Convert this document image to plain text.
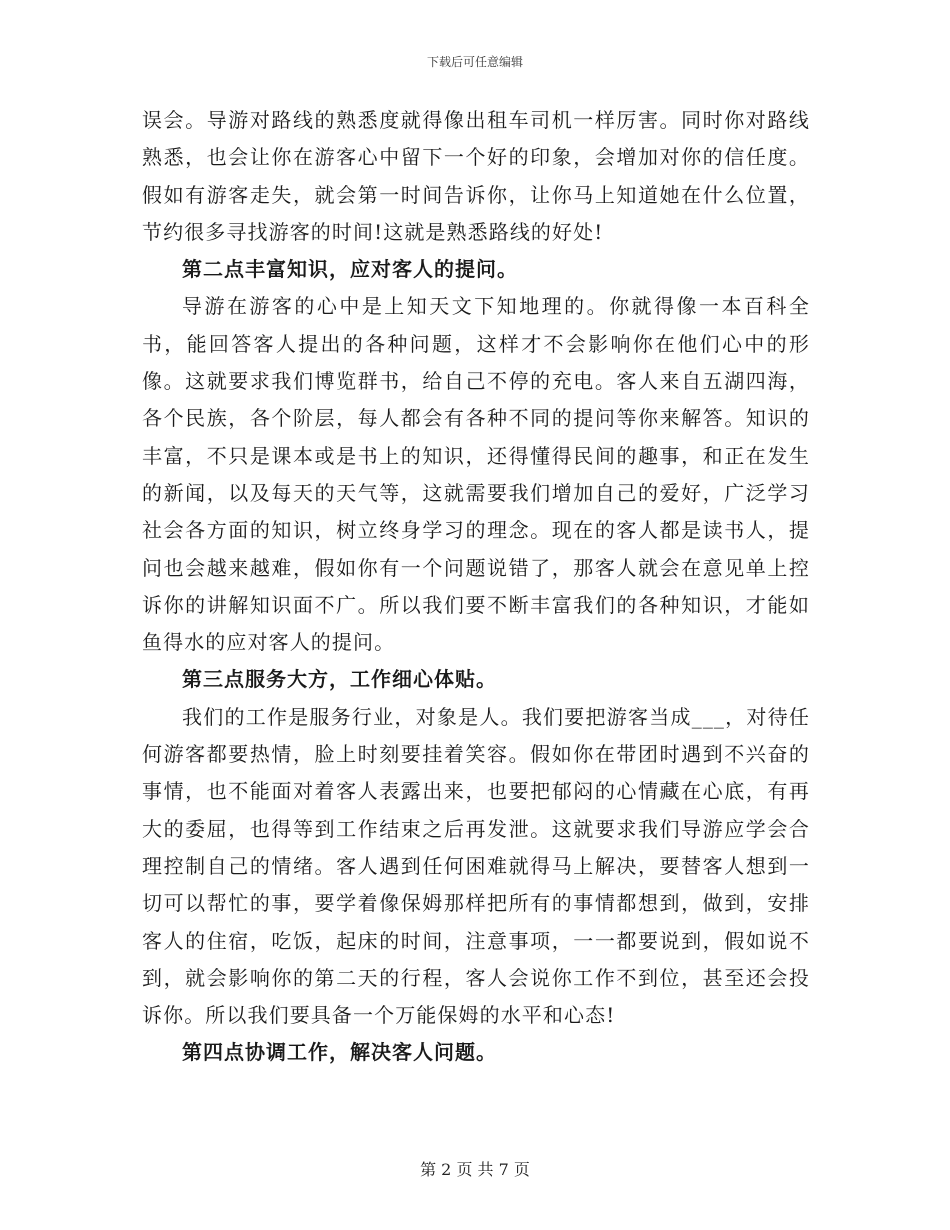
下载后可任意编辑

误会。导游对路线的熟悉度就得像出租车司机一样厉害。同时你对路线熟悉，也会让你在游客心中留下一个好的印象，会增加对你的信任度。假如有游客走失，就会第一时间告诉你，让你马上知道她在什么位置，节约很多寻找游客的时间!这就是熟悉路线的好处!

第二点丰富知识，应对客人的提问。

导游在游客的心中是上知天文下知地理的。你就得像一本百科全书，能回答客人提出的各种问题，这样才不会影响你在他们心中的形像。这就要求我们博览群书，给自己不停的充电。客人来自五湖四海，各个民族，各个阶层，每人都会有各种不同的提问等你来解答。知识的丰富，不只是课本或是书上的知识，还得懂得民间的趣事，和正在发生的新闻，以及每天的天气等，这就需要我们增加自己的爱好，广泛学习社会各方面的知识，树立终身学习的理念。现在的客人都是读书人，提问也会越来越难，假如你有一个问题说错了，那客人就会在意见单上控诉你的讲解知识面不广。所以我们要不断丰富我们的各种知识，才能如鱼得水的应对客人的提问。

第三点服务大方，工作细心体贴。

我们的工作是服务行业，对象是人。我们要把游客当成___，对待任何游客都要热情，脸上时刻要挂着笑容。假如你在带团时遇到不兴奋的事情，也不能面对着客人表露出来，也要把郁闷的心情藏在心底，有再大的委屈，也得等到工作结束之后再发泄。这就要求我们导游应学会合理控制自己的情绪。客人遇到任何困难就得马上解决，要替客人想到一切可以帮忙的事，要学着像保姆那样把所有的事情都想到，做到，安排客人的住宿，吃饭，起床的时间，注意事项，一一都要说到，假如说不到，就会影响你的第二天的行程，客人会说你工作不到位，甚至还会投诉你。所以我们要具备一个万能保姆的水平和心态!

第四点协调工作，解决客人问题。

第 2 页 共 7 页
